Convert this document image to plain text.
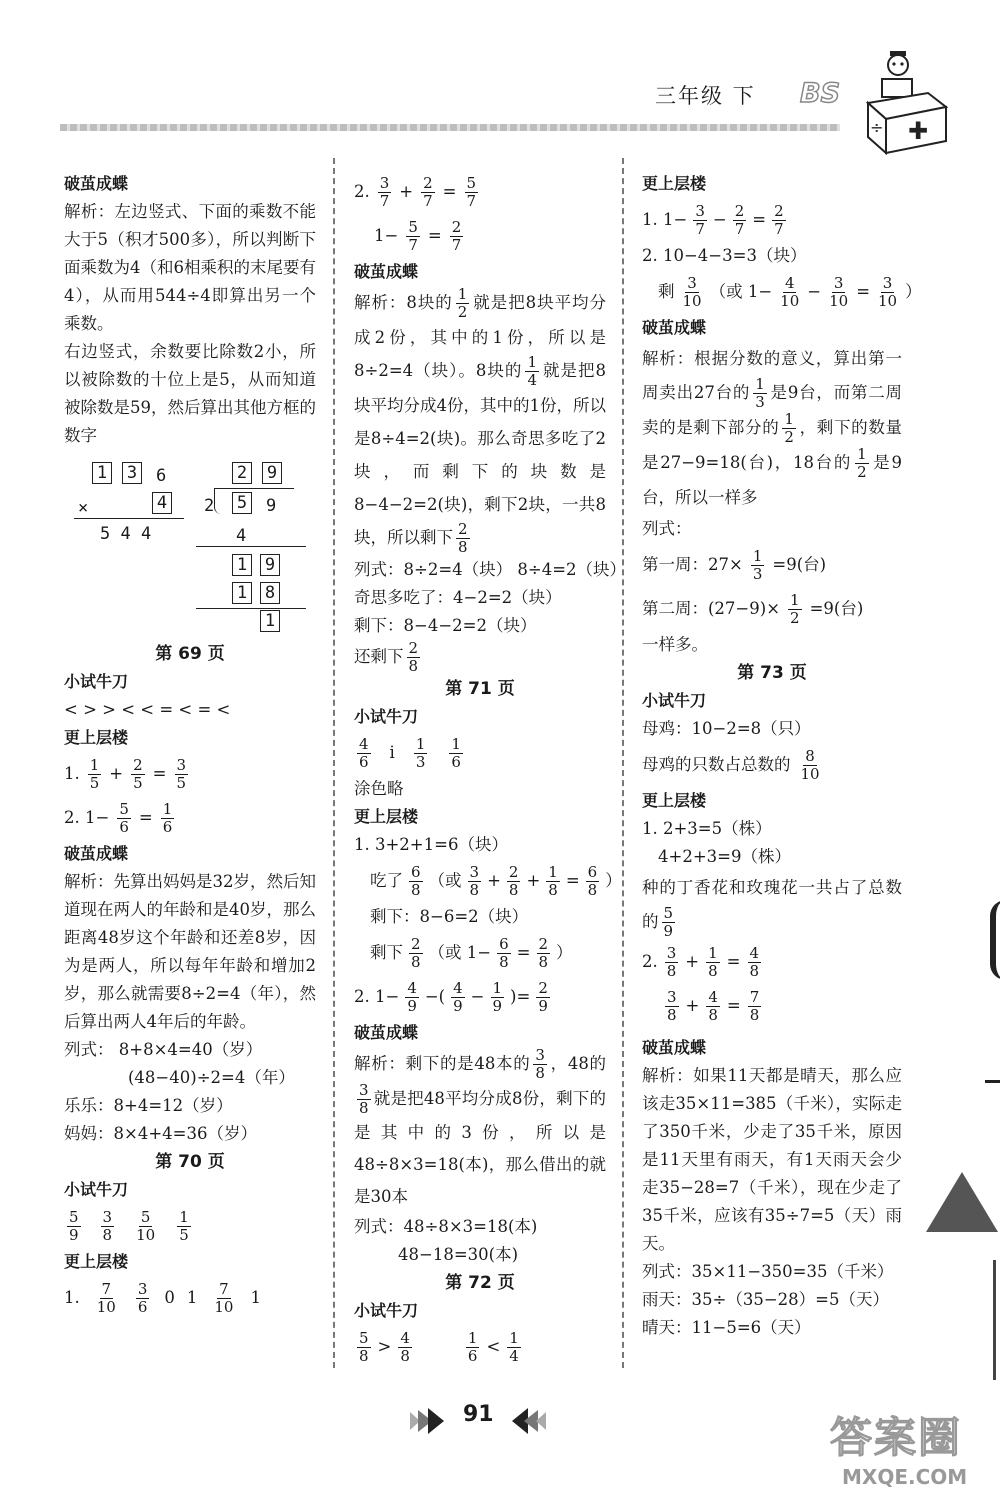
三年级 下 BS
÷ ✚
破茧成蝶
解析：左边竖式、下面的乘数不能大于5（积才500多），所以判断下面乘数为4（和6相乘积的末尾要有4），从而用544÷4即算出另一个乘数。
右边竖式，余数要比除数2小，所以被除数的十位上是5，从而知道被除数是59，然后算出其他方框的数字
1 3 6
×	4
5 4 4
2 9
2 5 9
4
1 9
1 8
1
第 69 页
小试牛刀
< > > < < = < = <
更上层楼
1. $\frac{1}{5} + \frac{2}{5} = \frac{3}{5}$
2. $1- \frac{5}{6} = \frac{1}{6}$
破茧成蝶
解析：先算出妈妈是32岁，然后知道现在两人的年龄和是40岁，那么距离48岁这个年龄和还差8岁，因为是两人，所以每年年龄和增加2岁，那么就需要8÷2=4（年），然后算出两人4年后的年龄。
列式： 8+8×4=40（岁）
(48−40)÷2=4（年）
乐乐：8+4=12（岁）
妈妈：8×4+4=36（岁）
第 70 页
小试牛刀
$\frac{5}{9} \frac{3}{8} \frac{5}{10} \frac{1}{5}$
更上层楼
1. $\frac{7}{10} \frac{3}{6} 0$ $1 \frac{7}{10} 1$
2. $\frac{3}{7} + \frac{2}{7} = \frac{5}{7}$
$1- \frac{5}{7} = \frac{2}{7}$
破茧成蝶
解析：8块的 $\frac{1}{2}$ 就是把8块平均分成2份，其中的1份，所以是8÷2=4（块）。8块的 $\frac{1}{4}$ 就是把8块平均分成4份，其中的1份，所以是8÷4=2(块)。那么奇思多吃了2块，而剩下的块数是8−4−2=2(块)，剩下2块，一共8块，所以剩下 $\frac{2}{8}$
列式：8÷2=4（块） 8÷4=2（块）
奇思多吃了：4−2=2（块）
剩下：8−4−2=2（块）
还剩下 $\frac{2}{8}$
第 71 页
小试牛刀
$\frac{4}{6}$ i $\frac{1}{3} \frac{1}{6}$
涂色略
更上层楼
1. 3+2+1=6（块）
吃了 $\frac{6}{8}$ （或 $\frac{3}{8} + \frac{2}{8} + \frac{1}{8} = \frac{6}{8}$ ）
剩下：8−6=2（块）
剩下 $\frac{2}{8}$ （或 $1- \frac{6}{8} = \frac{2}{8}$ ）
2. $1- \frac{4}{9}$ −( $\frac{4}{9} - \frac{1}{9}$ )= $\frac{2}{9}$
破茧成蝶
解析：剩下的是48本的 $\frac{3}{8}$ ，48的
$\frac{3}{8}$ 就是把48平均分成8份，剩下的是其中的3份，所以是48÷8×3=18(本)，那么借出的就是30本
列式：48÷8×3=18(本)
48−18=30(本)
第 72 页
小试牛刀
$\frac{5}{8} > \frac{4}{8}$	$\frac{1}{6} < \frac{1}{4}$
更上层楼
1. $1- \frac{3}{7} - \frac{2}{7} = \frac{2}{7}$
2. 10−4−3=3（块）
剩 $\frac{3}{10}$ （或 $1- \frac{4}{10} - \frac{3}{10} = \frac{3}{10}$ ）
破茧成蝶
解析：根据分数的意义，算出第一周卖出27台的 $\frac{1}{3}$ 是9台，而第二周卖的是剩下部分的 $\frac{1}{2}$ ，剩下的数量是27−9=18(台)，18台的 $\frac{1}{2}$ 是9台，所以一样多
列式：
第一周：$27\times \frac{1}{3} =9$(台)
第二周：$(27-9)\times \frac{1}{2} =9$(台)
一样多。
第 73 页
小试牛刀
母鸡：10−2=8（只）
母鸡的只数占总数的 $\frac{8}{10}$
更上层楼
1. 2+3=5（株）
4+2+3=9（株）
种的丁香花和玫瑰花一共占了总数的 $\frac{5}{9}$
2. $\frac{3}{8} + \frac{1}{8} = \frac{4}{8}$
$\frac{3}{8} + \frac{4}{8} = \frac{7}{8}$
破茧成蝶
解析：如果11天都是晴天，那么应该走35×11=385（千米），实际走了350千米，少走了35千米，原因是11天里有雨天，有1天雨天会少走35−28=7（千米），现在少走了35千米，应该有35÷7=5（天）雨天。
列式：35×11−350=35（千米）
雨天：35÷（35−28）=5（天）
晴天：11−5=6（天）
91	答案圈
MXQE.COM
